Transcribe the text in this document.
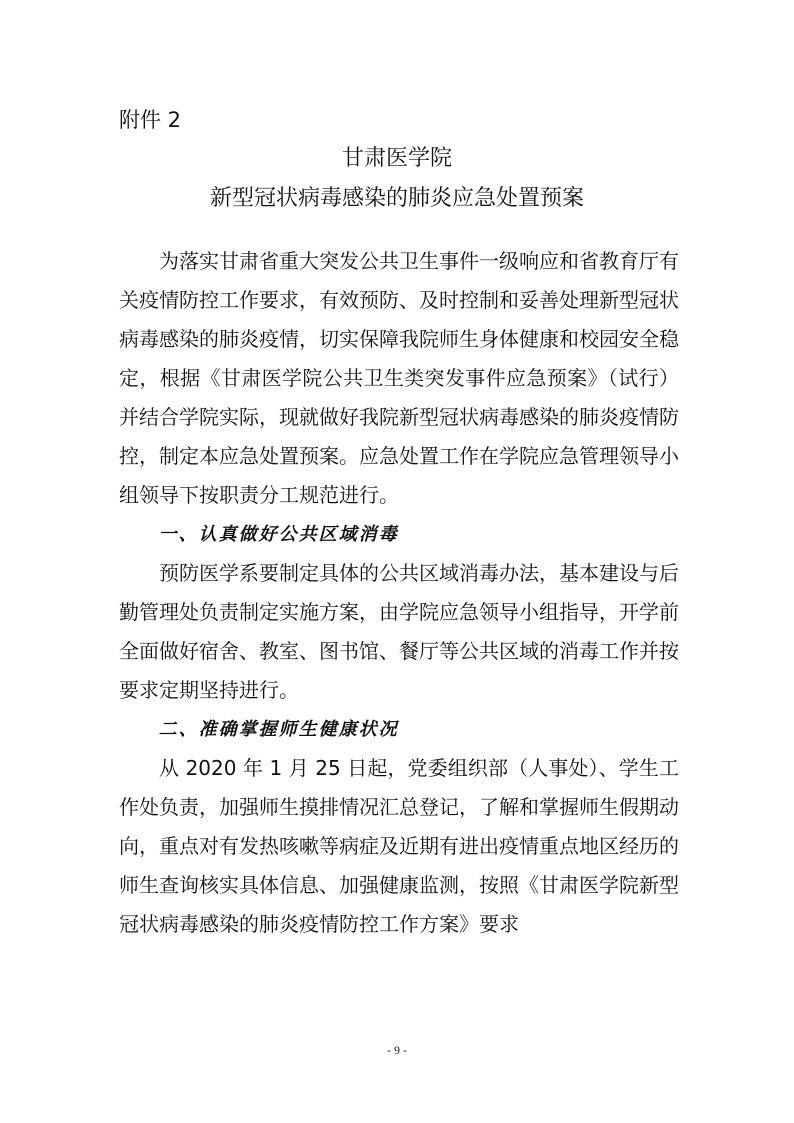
附件 2
甘肃医学院
新型冠状病毒感染的肺炎应急处置预案

为落实甘肃省重大突发公共卫生事件一级响应和省教育厅有关疫情防控工作要求，有效预防、及时控制和妥善处理新型冠状病毒感染的肺炎疫情，切实保障我院师生身体健康和校园安全稳定，根据《甘肃医学院公共卫生类突发事件应急预案》（试行）并结合学院实际，现就做好我院新型冠状病毒感染的肺炎疫情防控，制定本应急处置预案。应急处置工作在学院应急管理领导小组领导下按职责分工规范进行。

一、认真做好公共区域消毒

预防医学系要制定具体的公共区域消毒办法，基本建设与后勤管理处负责制定实施方案，由学院应急领导小组指导，开学前全面做好宿舍、教室、图书馆、餐厅等公共区域的消毒工作并按要求定期坚持进行。

二、准确掌握师生健康状况

从 2020 年 1 月 25 日起，党委组织部（人事处）、学生工作处负责，加强师生摸排情况汇总登记，了解和掌握师生假期动向，重点对有发热咳嗽等病症及近期有进出疫情重点地区经历的师生查询核实具体信息、加强健康监测，按照《甘肃医学院新型冠状病毒感染的肺炎疫情防控工作方案》要求

- 9 -
